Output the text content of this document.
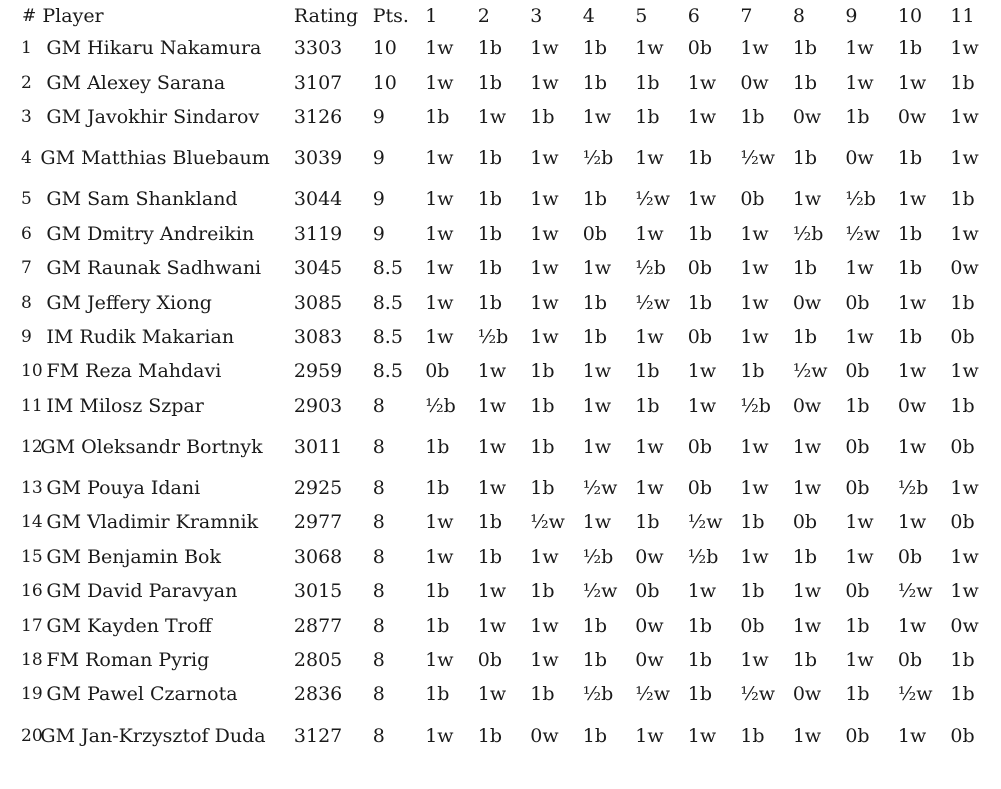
#	Player	Rating	Pts.	1	2	3	4	5	6	7	8	9	10	11
1	GM Hikaru Nakamura	3303	10	1w	1b	1w	1b	1w	0b	1w	1b	1w	1b	1w
2	GM Alexey Sarana	3107	10	1w	1b	1w	1b	1b	1w	0w	1b	1w	1w	1b
3	GM Javokhir Sindarov	3126	9	1b	1w	1b	1w	1b	1w	1b	0w	1b	0w	1w
4	GM Matthias Bluebaum	3039	9	1w	1b	1w	½b	1w	1b	½w	1b	0w	1b	1w
5	GM Sam Shankland	3044	9	1w	1b	1w	1b	½w	1w	0b	1w	½b	1w	1b
6	GM Dmitry Andreikin	3119	9	1w	1b	1w	0b	1w	1b	1w	½b	½w	1b	1w
7	GM Raunak Sadhwani	3045	8.5	1w	1b	1w	1w	½b	0b	1w	1b	1w	1b	0w
8	GM Jeffery Xiong	3085	8.5	1w	1b	1w	1b	½w	1b	1w	0w	0b	1w	1b
9	IM Rudik Makarian	3083	8.5	1w	½b	1w	1b	1w	0b	1w	1b	1w	1b	0b
10	FM Reza Mahdavi	2959	8.5	0b	1w	1b	1w	1b	1w	1b	½w	0b	1w	1w
11	IM Milosz Szpar	2903	8	½b	1w	1b	1w	1b	1w	½b	0w	1b	0w	1b
12	GM Oleksandr Bortnyk	3011	8	1b	1w	1b	1w	1w	0b	1w	1w	0b	1w	0b
13	GM Pouya Idani	2925	8	1b	1w	1b	½w	1w	0b	1w	1w	0b	½b	1w
14	GM Vladimir Kramnik	2977	8	1w	1b	½w	1w	1b	½w	1b	0b	1w	1w	0b
15	GM Benjamin Bok	3068	8	1w	1b	1w	½b	0w	½b	1w	1b	1w	0b	1w
16	GM David Paravyan	3015	8	1b	1w	1b	½w	0b	1w	1b	1w	0b	½w	1w
17	GM Kayden Troff	2877	8	1b	1w	1w	1b	0w	1b	0b	1w	1b	1w	0w
18	FM Roman Pyrig	2805	8	1w	0b	1w	1b	0w	1b	1w	1b	1w	0b	1b
19	GM Pawel Czarnota	2836	8	1b	1w	1b	½b	½w	1b	½w	0w	1b	½w	1b
20	GM Jan-Krzysztof Duda	3127	8	1w	1b	0w	1b	1w	1w	1b	1w	0b	1w	0b
